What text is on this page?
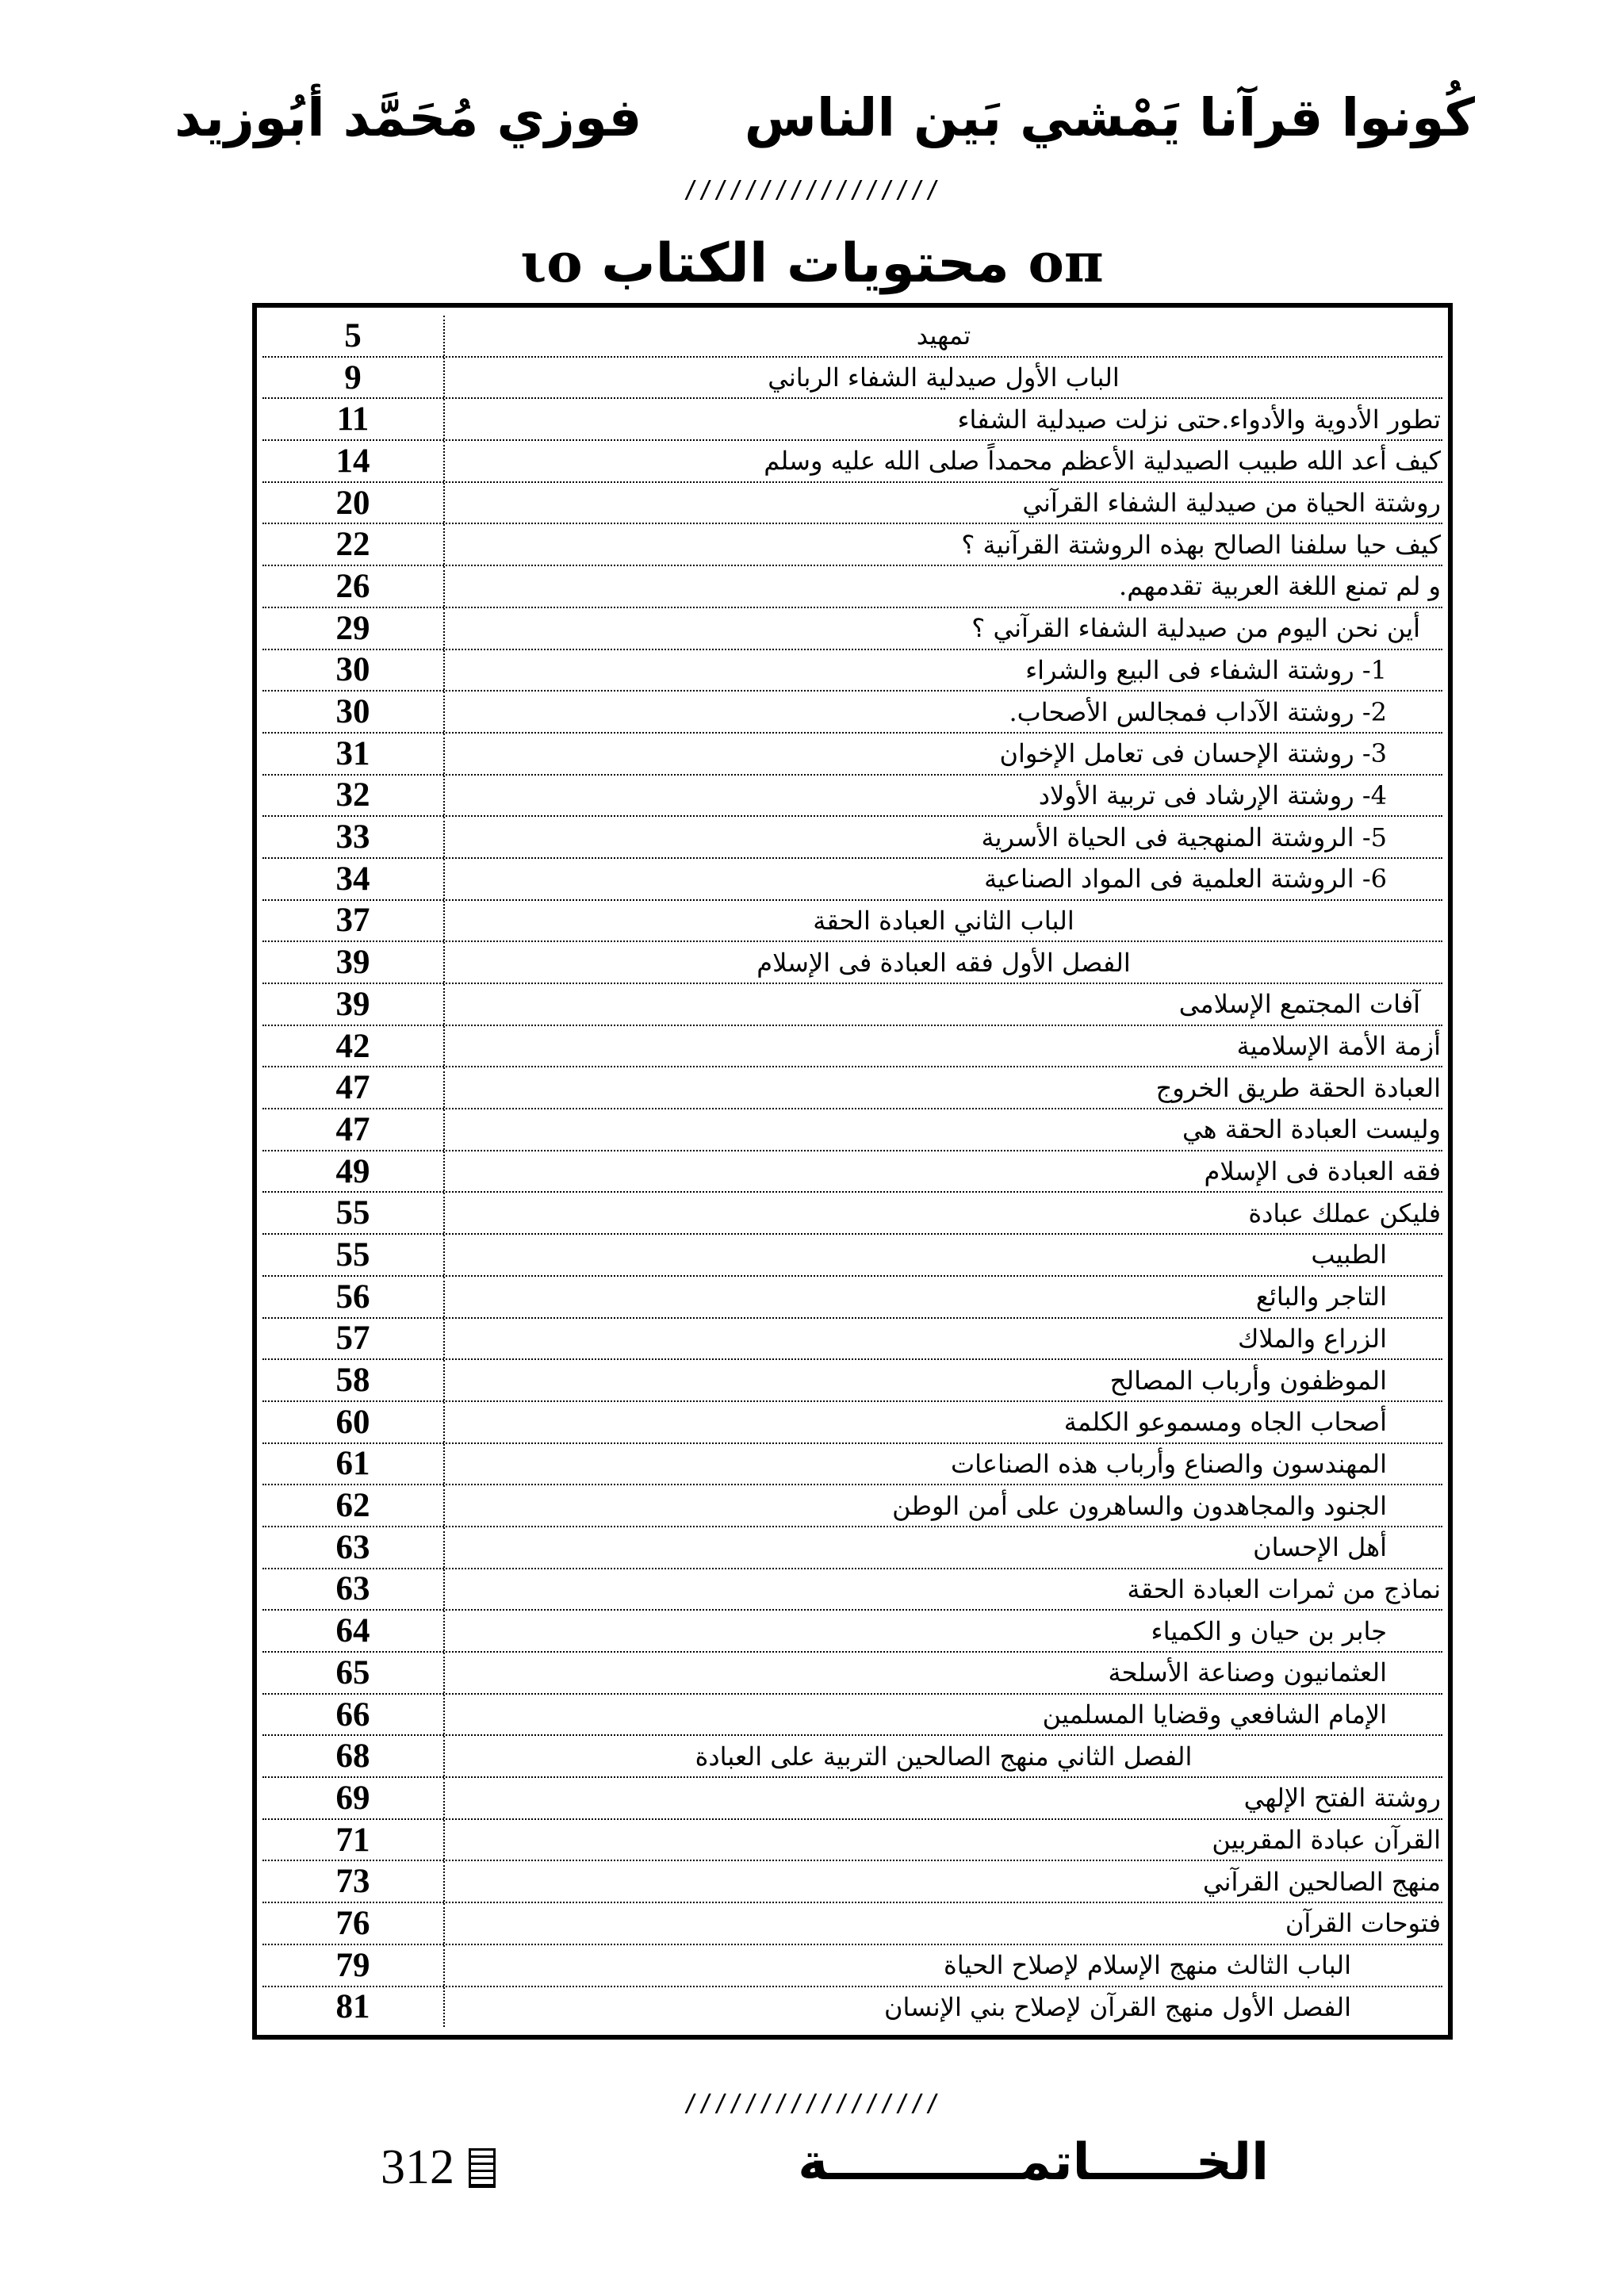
كُونوا قرآنا يَمْشي بَين الناس
فوزي مُحَمَّد أبُوزيد
/////////////////
ιo محتويات الكتاب oπ
5	تمهيد
9	الباب الأول صيدلية الشفاء الرباني
11	تطور الأدوية والأدواء.حتى نزلت صيدلية الشفاء
14	كيف أعد الله طبيب الصيدلية الأعظم محمداً صلى الله عليه وسلم
20	روشتة الحياة من صيدلية الشفاء القرآني
22	كيف حيا سلفنا الصالح بهذه الروشتة القرآنية ؟
26	و لم تمنع اللغة العربية تقدمهم.
29	أين نحن اليوم من صيدلية الشفاء القرآني ؟
30	1- روشتة الشفاء فى البيع والشراء
30	2- روشتة الآداب فمجالس الأصحاب.
31	3- روشتة الإحسان فى تعامل الإخوان
32	4- روشتة الإرشاد فى تربية الأولاد
33	5- الروشتة المنهجية فى الحياة الأسرية
34	6- الروشتة العلمية فى المواد الصناعية
37	الباب الثاني العبادة الحقة
39	الفصل الأول فقه العبادة فى الإسلام
39	آفات المجتمع الإسلامى
42	أزمة الأمة الإسلامية
47	العبادة الحقة طريق الخروج
47	وليست العبادة الحقة هي
49	فقه العبادة فى الإسلام
55	فليكن عملك عبادة
55	الطبيب
56	التاجر والبائع
57	الزراع والملاك
58	الموظفون وأرباب المصالح
60	أصحاب الجاه ومسموعو الكلمة
61	المهندسون والصناع وأرباب هذه الصناعات
62	الجنود والمجاهدون والساهرون على أمن الوطن
63	أهل الإحسان
63	نماذج من ثمرات العبادة الحقة
64	جابر بن حيان و الكمياء
65	العثمانيون وصناعة الأسلحة
66	الإمام الشافعي وقضايا المسلمين
68	الفصل الثاني منهج الصالحين التربية على العبادة
69	روشتة الفتح الإلهي
71	القرآن عبادة المقربين
73	منهج الصالحين القرآني
76	فتوحات القرآن
79	الباب الثالث منهج الإسلام لإصلاح الحياة
81	الفصل الأول منهج القرآن لإصلاح بني الإنسان
/////////////////
312	الخــــــاتمـــــــــــة
